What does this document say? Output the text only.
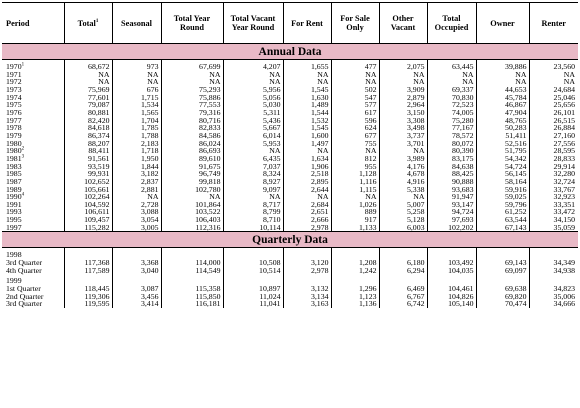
Period	Total$^1$	Seasonal	Total Year Round	Total Vacant Year Round	For Rent	For Sale Only	Other Vacant	Total Occupied	Owner	Renter
Annual Data										

1970$^1$	68,672	973	67,699	4,207	1,655	477	2,075	63,445	39,886	23,560
1971	NA	NA	NA	NA	NA	NA	NA	NA	NA	NA
1972	NA	NA	NA	NA	NA	NA	NA	NA	NA	NA
1973	75,969	676	75,293	5,956	1,545	502	3,909	69,337	44,653	24,684
1974	77,601	1,715	75,886	5,056	1,630	547	2,879	70,830	45,784	25,046
1975	79,087	1,534	77,553	5,030	1,489	577	2,964	72,523	46,867	25,656
1976	80,881	1,565	79,316	5,311	1,544	617	3,150	74,005	47,904	26,101
1977	82,420	1,704	80,716	5,436	1,532	596	3,308	75,280	48,765	26,515
1978	84,618	1,785	82,833	5,667	1,545	624	3,498	77,167	50,283	26,884
1979	86,374	1,788	84,586	6,014	1,600	677	3,737	78,572	51,411	27,160
1980	88,207	2,183	86,024	5,953	1,497	755	3,701	80,072	52,516	27,556
1980$^2$	88,411	1,718	86,693	NA	NA	NA	NA	80,390	51,795	28,595
1981$^3$	91,561	1,950	89,610	6,435	1,634	812	3,989	83,175	54,342	28,833
1983	93,519	1,844	91,675	7,037	1,906	955	4,176	84,638	54,724	29,914
1985	99,931	3,182	96,749	8,324	2,518	1,128	4,678	88,425	56,145	32,280
1987	102,652	2,837	99,818	8,927	2,895	1,116	4,916	90,888	58,164	32,724
1989	105,661	2,881	102,780	9,097	2,644	1,115	5,338	93,683	59,916	33,767
1990$^4$	102,264	NA	NA	NA	NA	NA	NA	91,947	59,025	32,923
1991	104,592	2,728	101,864	8,717	2,684	1,026	5,007	93,147	59,796	33,351
1993	106,611	3,088	103,522	8,799	2,651	889	5,258	94,724	61,252	33,472
1995	109,457	3,054	106,403	8,710	2,666	917	5,128	97,693	63,544	34,150
1997	115,282	3,005	112,316	10,114	2,978	1,133	6,003	102,202	67,143	35,059
Quarterly Data										

1998										
3rd Quarter	117,368	3,368	114,000	10,508	3,120	1,208	6,180	103,492	69,143	34,349
4th Quarter	117,589	3,040	114,549	10,514	2,978	1,242	6,294	104,035	69,097	34,938

1999										
1st Quarter	118,445	3,087	115,358	10,897	3,132	1,296	6,469	104,461	69,638	34,823
2nd Quarter	119,306	3,456	115,850	11,024	3,134	1,123	6,767	104,826	69,820	35,006
3rd Quarter	119,595	3,414	116,181	11,041	3,163	1,136	6,742	105,140	70,474	34,666
